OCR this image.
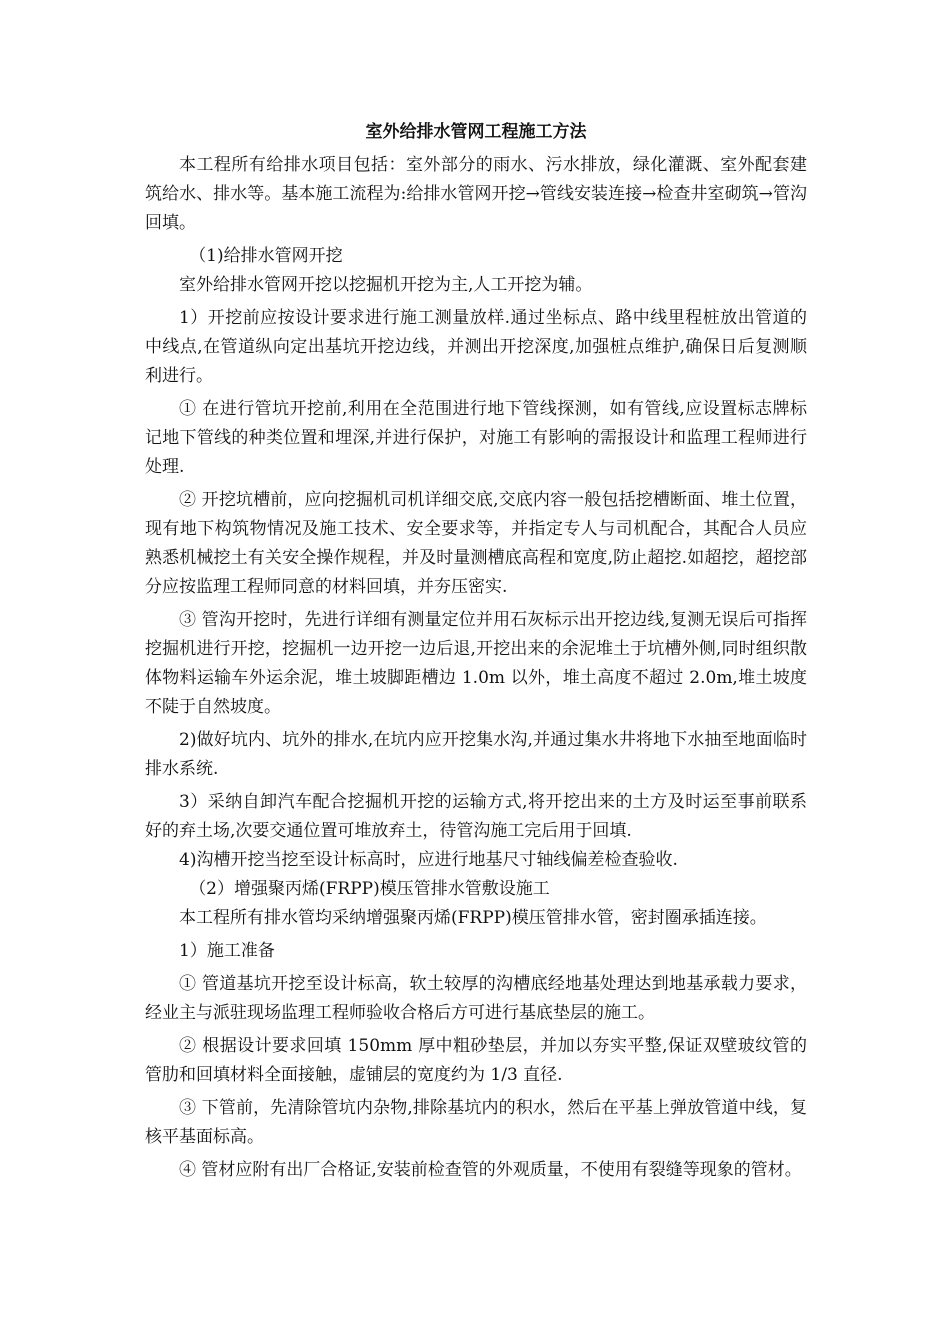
室外给排水管网工程施工方法

本工程所有给排水项目包括：室外部分的雨水、污水排放，绿化灌溉、室外配套建筑给水、排水等。基本施工流程为:给排水管网开挖→管线安装连接→检查井室砌筑→管沟回填。

（1)给排水管网开挖

室外给排水管网开挖以挖掘机开挖为主,人工开挖为辅。

1）开挖前应按设计要求进行施工测量放样.通过坐标点、路中线里程桩放出管道的中线点,在管道纵向定出基坑开挖边线，并测出开挖深度,加强桩点维护,确保日后复测顺利进行。

① 在进行管坑开挖前,利用在全范围进行地下管线探测，如有管线,应设置标志牌标记地下管线的种类位置和埋深,并进行保护，对施工有影响的需报设计和监理工程师进行处理.

② 开挖坑槽前，应向挖掘机司机详细交底,交底内容一般包括挖槽断面、堆土位置，现有地下构筑物情况及施工技术、安全要求等，并指定专人与司机配合，其配合人员应熟悉机械挖土有关安全操作规程，并及时量测槽底高程和宽度,防止超挖.如超挖，超挖部分应按监理工程师同意的材料回填，并夯压密实.

③ 管沟开挖时，先进行详细有测量定位并用石灰标示出开挖边线,复测无误后可指挥挖掘机进行开挖，挖掘机一边开挖一边后退,开挖出来的余泥堆土于坑槽外侧,同时组织散体物料运输车外运余泥，堆土坡脚距槽边 1.0m 以外，堆土高度不超过 2.0m,堆土坡度不陡于自然坡度。

2)做好坑内、坑外的排水,在坑内应开挖集水沟,并通过集水井将地下水抽至地面临时排水系统.

3）采纳自卸汽车配合挖掘机开挖的运输方式,将开挖出来的土方及时运至事前联系好的弃土场,次要交通位置可堆放弃土，待管沟施工完后用于回填.

4)沟槽开挖当挖至设计标高时，应进行地基尺寸轴线偏差检查验收.

（2）增强聚丙烯(FRPP)模压管排水管敷设施工

本工程所有排水管均采纳增强聚丙烯(FRPP)模压管排水管，密封圈承插连接。

1）施工准备

① 管道基坑开挖至设计标高，软土较厚的沟槽底经地基处理达到地基承载力要求，经业主与派驻现场监理工程师验收合格后方可进行基底垫层的施工。

② 根据设计要求回填 150mm 厚中粗砂垫层，并加以夯实平整,保证双壁玻纹管的管肋和回填材料全面接触，虚铺层的宽度约为 1/3 直径.

③ 下管前，先清除管坑内杂物,排除基坑内的积水，然后在平基上弹放管道中线，复核平基面标高。

④ 管材应附有出厂合格证,安装前检查管的外观质量，不使用有裂缝等现象的管材。
